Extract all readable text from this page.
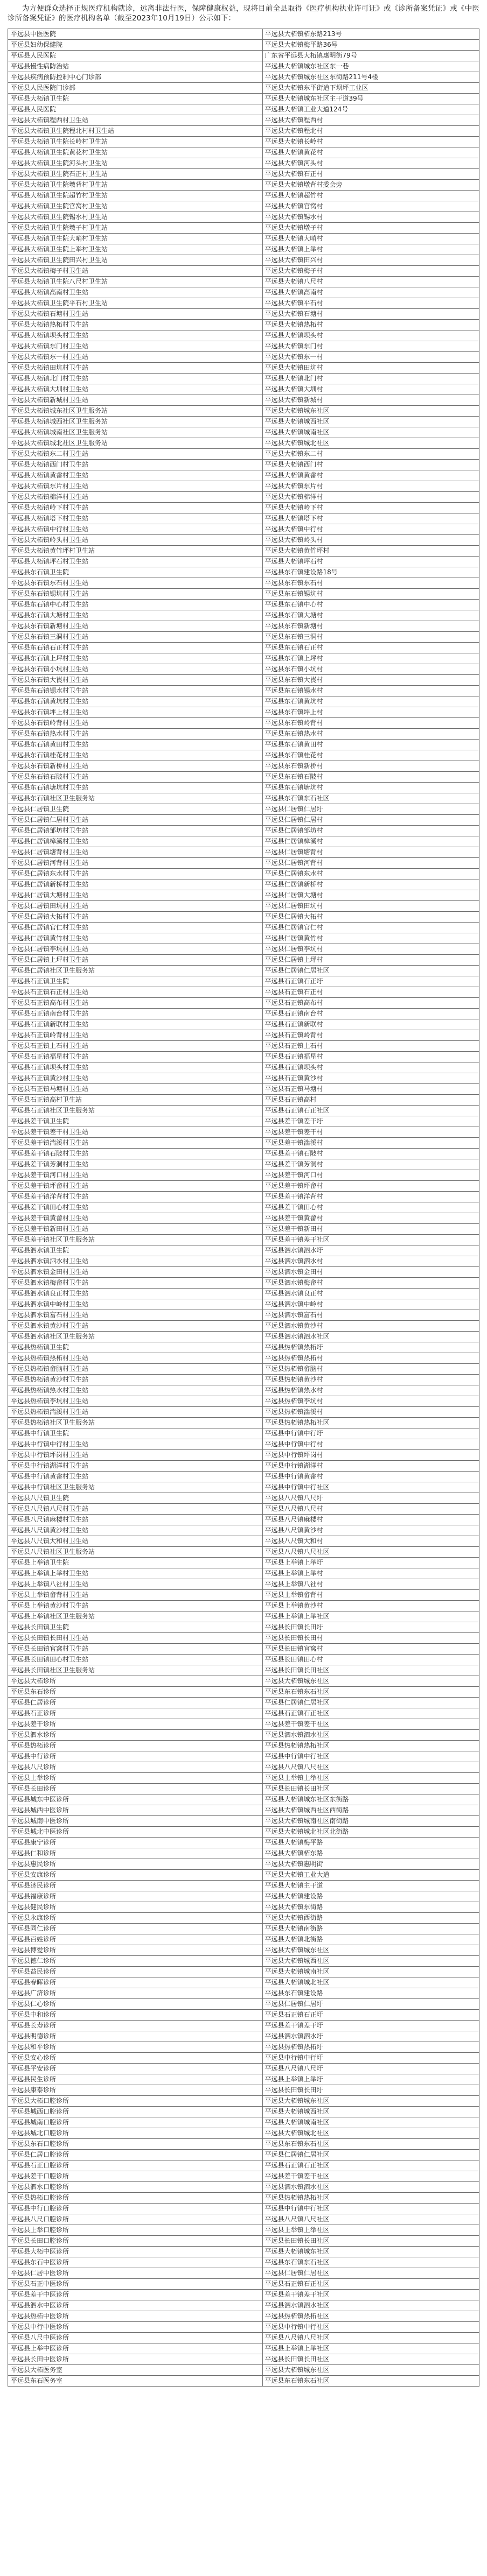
为方便群众选择正规医疗机构就诊，远离非法行医，保障健康权益，现将目前全县取得《医疗机构执业许可证》或《诊所备案凭证》或《中医诊所备案凭证》的医疗机构名单（截至2023年10月19日）公示如下：

平远县中医医院	平远县大柘镇柘东路213号
平远县妇幼保健院	平远县大柘镇梅平路36号
平远县人民医院	广东省平远县大柘镇惠明街79号
平远县慢性病防治站	平远县大柘镇城东社区东一巷
平远县疾病预防控制中心门诊部	平远县大柘镇城东社区东街路211号4楼
平远县人民医院门诊部	平远县大柘镇东平街道下坝坪工业区
平远县大柘镇卫生院	平远县大柘镇城东社区主干道39号
平远县人民医院	平远县大柘镇工业大道124号
平远县大柘镇程西村卫生站	平远县大柘镇程西村
平远县大柘镇卫生院程北村村卫生站	平远县大柘镇程北村
平远县大柘镇卫生院长岭村卫生站	平远县大柘镇长岭村
平远县大柘镇卫生院黄花村卫生站	平远县大柘镇黄花村
平远县大柘镇卫生院河头村卫生站	平远县大柘镇河头村
平远县大柘镇卫生院石正村卫生站	平远县大柘镇石正村
平远县大柘镇卫生院墩背村卫生站	平远县大柘镇墩背村委会旁
平远县大柘镇卫生院超竹村卫生站	平远县大柘镇超竹村
平远县大柘镇卫生院官窝村卫生站	平远县大柘镇官窝村
平远县大柘镇卫生院锡水村卫生站	平远县大柘镇锡水村
平远县大柘镇卫生院墩子村卫生站	平远县大柘镇墩子村
平远县大柘镇卫生院大哨村卫生站	平远县大柘镇大哨村
平远县大柘镇卫生院上举村卫生站	平远县大柘镇上举村
平远县大柘镇卫生院田兴村卫生站	平远县大柘镇田兴村
平远县大柘镇梅子村卫生站	平远县大柘镇梅子村
平远县大柘镇卫生院八尺村卫生站	平远县大柘镇八尺村
平远县大柘镇高南村卫生站	平远县大柘镇高南村
平远县大柘镇卫生院平石村卫生站	平远县大柘镇平石村
平远县大柘镇石塘村卫生站	平远县大柘镇石塘村
平远县大柘镇热柘村卫生站	平远县大柘镇热柘村
平远县大柘镇坝头村卫生站	平远县大柘镇坝头村
平远县大柘镇东门村卫生站	平远县大柘镇东门村
平远县大柘镇东一村卫生站	平远县大柘镇东一村
平远县大柘镇田坑村卫生站	平远县大柘镇田坑村
平远县大柘镇北门村卫生站	平远县大柘镇北门村
平远县大柘镇大圳村卫生站	平远县大柘镇大圳村
平远县大柘镇新城村卫生站	平远县大柘镇新城村
平远县大柘镇城东社区卫生服务站	平远县大柘镇城东社区
平远县大柘镇城西社区卫生服务站	平远县大柘镇城西社区
平远县大柘镇城南社区卫生服务站	平远县大柘镇城南社区
平远县大柘镇城北社区卫生服务站	平远县大柘镇城北社区
平远县大柘镇东二村卫生站	平远县大柘镇东二村
平远县大柘镇西门村卫生站	平远县大柘镇西门村
平远县大柘镇黄畲村卫生站	平远县大柘镇黄畲村
平远县大柘镇东片村卫生站	平远县大柘镇东片村
平远县大柘镇棉洋村卫生站	平远县大柘镇棉洋村
平远县大柘镇岭下村卫生站	平远县大柘镇岭下村
平远县大柘镇塔下村卫生站	平远县大柘镇塔下村
平远县大柘镇中行村卫生站	平远县大柘镇中行村
平远县大柘镇岭头村卫生站	平远县大柘镇岭头村
平远县大柘镇黄竹坪村卫生站	平远县大柘镇黄竹坪村
平远县大柘镇坪石村卫生站	平远县大柘镇坪石村
平远县东石镇卫生院	平远县东石镇建设路18号
平远县东石镇东石村卫生站	平远县东石镇东石村
平远县东石镇锡坑村卫生站	平远县东石镇锡坑村
平远县东石镇中心村卫生站	平远县东石镇中心村
平远县东石镇大塘村卫生站	平远县东石镇大塘村
平远县东石镇新塘村卫生站	平远县东石镇新塘村
平远县东石镇三洞村卫生站	平远县东石镇三洞村
平远县东石镇石正村卫生站	平远县东石镇石正村
平远县东石镇上坪村卫生站	平远县东石镇上坪村
平远县东石镇小坑村卫生站	平远县东石镇小坑村
平远县东石镇大崀村卫生站	平远县东石镇大崀村
平远县东石镇锡水村卫生站	平远县东石镇锡水村
平远县东石镇黄坑村卫生站	平远县东石镇黄坑村
平远县东石镇坪上村卫生站	平远县东石镇坪上村
平远县东石镇岭背村卫生站	平远县东石镇岭背村
平远县东石镇热水村卫生站	平远县东石镇热水村
平远县东石镇黄田村卫生站	平远县东石镇黄田村
平远县东石镇桂花村卫生站	平远县东石镇桂花村
平远县东石镇新桥村卫生站	平远县东石镇新桥村
平远县东石镇石陂村卫生站	平远县东石镇石陂村
平远县东石镇塘坑村卫生站	平远县东石镇塘坑村
平远县东石镇社区卫生服务站	平远县东石镇东石社区
平远县仁居镇卫生院	平远县仁居镇仁居圩
平远县仁居镇仁居村卫生站	平远县仁居镇仁居村
平远县仁居镇邹坊村卫生站	平远县仁居镇邹坊村
平远县仁居镇樟溪村卫生站	平远县仁居镇樟溪村
平远县仁居镇塘背村卫生站	平远县仁居镇塘背村
平远县仁居镇河背村卫生站	平远县仁居镇河背村
平远县仁居镇东水村卫生站	平远县仁居镇东水村
平远县仁居镇新桥村卫生站	平远县仁居镇新桥村
平远县仁居镇大塘村卫生站	平远县仁居镇大塘村
平远县仁居镇田坑村卫生站	平远县仁居镇田坑村
平远县仁居镇大拓村卫生站	平远县仁居镇大拓村
平远县仁居镇官仁村卫生站	平远县仁居镇官仁村
平远县仁居镇黄竹村卫生站	平远县仁居镇黄竹村
平远县仁居镇李坑村卫生站	平远县仁居镇李坑村
平远县仁居镇上坪村卫生站	平远县仁居镇上坪村
平远县仁居镇社区卫生服务站	平远县仁居镇仁居社区
平远县石正镇卫生院	平远县石正镇石正圩
平远县石正镇石正村卫生站	平远县石正镇石正村
平远县石正镇高布村卫生站	平远县石正镇高布村
平远县石正镇南台村卫生站	平远县石正镇南台村
平远县石正镇新联村卫生站	平远县石正镇新联村
平远县石正镇岭背村卫生站	平远县石正镇岭背村
平远县石正镇上石村卫生站	平远县石正镇上石村
平远县石正镇福星村卫生站	平远县石正镇福星村
平远县石正镇坝头村卫生站	平远县石正镇坝头村
平远县石正镇黄沙村卫生站	平远县石正镇黄沙村
平远县石正镇马塘村卫生站	平远县石正镇马塘村
平远县石正镇高村卫生站	平远县石正镇高村
平远县石正镇社区卫生服务站	平远县石正镇石正社区
平远县差干镇卫生院	平远县差干镇差干圩
平远县差干镇差干村卫生站	平远县差干镇差干村
平远县差干镇湍溪村卫生站	平远县差干镇湍溪村
平远县差干镇石陂村卫生站	平远县差干镇石陂村
平远县差干镇芳洞村卫生站	平远县差干镇芳洞村
平远县差干镇河口村卫生站	平远县差干镇河口村
平远县差干镇坪畲村卫生站	平远县差干镇坪畲村
平远县差干镇洋背村卫生站	平远县差干镇洋背村
平远县差干镇田心村卫生站	平远县差干镇田心村
平远县差干镇黄畲村卫生站	平远县差干镇黄畲村
平远县差干镇新田村卫生站	平远县差干镇新田村
平远县差干镇社区卫生服务站	平远县差干镇差干社区
平远县泗水镇卫生院	平远县泗水镇泗水圩
平远县泗水镇泗水村卫生站	平远县泗水镇泗水村
平远县泗水镇金田村卫生站	平远县泗水镇金田村
平远县泗水镇梅畲村卫生站	平远县泗水镇梅畲村
平远县泗水镇良正村卫生站	平远县泗水镇良正村
平远县泗水镇中岭村卫生站	平远县泗水镇中岭村
平远县泗水镇富石村卫生站	平远县泗水镇富石村
平远县泗水镇黄沙村卫生站	平远县泗水镇黄沙村
平远县泗水镇社区卫生服务站	平远县泗水镇泗水社区
平远县热柘镇卫生院	平远县热柘镇热柘圩
平远县热柘镇热柘村卫生站	平远县热柘镇热柘村
平远县热柘镇畲脑村卫生站	平远县热柘镇畲脑村
平远县热柘镇黄沙村卫生站	平远县热柘镇黄沙村
平远县热柘镇热水村卫生站	平远县热柘镇热水村
平远县热柘镇李坑村卫生站	平远县热柘镇李坑村
平远县热柘镇湍溪村卫生站	平远县热柘镇湍溪村
平远县热柘镇社区卫生服务站	平远县热柘镇热柘社区
平远县中行镇卫生院	平远县中行镇中行圩
平远县中行镇中行村卫生站	平远县中行镇中行村
平远县中行镇坪岗村卫生站	平远县中行镇坪岗村
平远县中行镇湖洋村卫生站	平远县中行镇湖洋村
平远县中行镇黄畲村卫生站	平远县中行镇黄畲村
平远县中行镇社区卫生服务站	平远县中行镇中行社区
平远县八尺镇卫生院	平远县八尺镇八尺圩
平远县八尺镇八尺村卫生站	平远县八尺镇八尺村
平远县八尺镇麻楼村卫生站	平远县八尺镇麻楼村
平远县八尺镇黄沙村卫生站	平远县八尺镇黄沙村
平远县八尺镇大和村卫生站	平远县八尺镇大和村
平远县八尺镇社区卫生服务站	平远县八尺镇八尺社区
平远县上举镇卫生院	平远县上举镇上举圩
平远县上举镇上举村卫生站	平远县上举镇上举村
平远县上举镇八社村卫生站	平远县上举镇八社村
平远县上举镇畲背村卫生站	平远县上举镇畲背村
平远县上举镇黄沙村卫生站	平远县上举镇黄沙村
平远县上举镇社区卫生服务站	平远县上举镇上举社区
平远县长田镇卫生院	平远县长田镇长田圩
平远县长田镇长田村卫生站	平远县长田镇长田村
平远县长田镇官窝村卫生站	平远县长田镇官窝村
平远县长田镇田心村卫生站	平远县长田镇田心村
平远县长田镇社区卫生服务站	平远县长田镇长田社区
平远县大柘诊所	平远县大柘镇城东社区
平远县东石诊所	平远县东石镇东石社区
平远县仁居诊所	平远县仁居镇仁居社区
平远县石正诊所	平远县石正镇石正社区
平远县差干诊所	平远县差干镇差干社区
平远县泗水诊所	平远县泗水镇泗水社区
平远县热柘诊所	平远县热柘镇热柘社区
平远县中行诊所	平远县中行镇中行社区
平远县八尺诊所	平远县八尺镇八尺社区
平远县上举诊所	平远县上举镇上举社区
平远县长田诊所	平远县长田镇长田社区
平远县城东中医诊所	平远县大柘镇城东社区东街路
平远县城西中医诊所	平远县大柘镇城西社区西街路
平远县城南中医诊所	平远县大柘镇城南社区南街路
平远县城北中医诊所	平远县大柘镇城北社区北街路
平远县康宁诊所	平远县大柘镇梅平路
平远县仁和诊所	平远县大柘镇柘东路
平远县惠民诊所	平远县大柘镇惠明街
平远县安康诊所	平远县大柘镇工业大道
平远县济民诊所	平远县大柘镇主干道
平远县福康诊所	平远县大柘镇建设路
平远县健民诊所	平远县大柘镇东街路
平远县永康诊所	平远县大柘镇西街路
平远县同仁诊所	平远县大柘镇南街路
平远县百姓诊所	平远县大柘镇北街路
平远县博爱诊所	平远县大柘镇城东社区
平远县德仁诊所	平远县大柘镇城西社区
平远县益民诊所	平远县大柘镇城南社区
平远县春晖诊所	平远县大柘镇城北社区
平远县广济诊所	平远县东石镇建设路
平远县仁心诊所	平远县仁居镇仁居圩
平远县中和诊所	平远县石正镇石正圩
平远县长寿诊所	平远县差干镇差干圩
平远县明德诊所	平远县泗水镇泗水圩
平远县和平诊所	平远县热柘镇热柘圩
平远县安心诊所	平远县中行镇中行圩
平远县平安诊所	平远县八尺镇八尺圩
平远县民生诊所	平远县上举镇上举圩
平远县康泰诊所	平远县长田镇长田圩
平远县大柘口腔诊所	平远县大柘镇城东社区
平远县城西口腔诊所	平远县大柘镇城西社区
平远县城南口腔诊所	平远县大柘镇城南社区
平远县城北口腔诊所	平远县大柘镇城北社区
平远县东石口腔诊所	平远县东石镇东石社区
平远县仁居口腔诊所	平远县仁居镇仁居社区
平远县石正口腔诊所	平远县石正镇石正社区
平远县差干口腔诊所	平远县差干镇差干社区
平远县泗水口腔诊所	平远县泗水镇泗水社区
平远县热柘口腔诊所	平远县热柘镇热柘社区
平远县中行口腔诊所	平远县中行镇中行社区
平远县八尺口腔诊所	平远县八尺镇八尺社区
平远县上举口腔诊所	平远县上举镇上举社区
平远县长田口腔诊所	平远县长田镇长田社区
平远县大柘中医诊所	平远县大柘镇城东社区
平远县东石中医诊所	平远县东石镇东石社区
平远县仁居中医诊所	平远县仁居镇仁居社区
平远县石正中医诊所	平远县石正镇石正社区
平远县差干中医诊所	平远县差干镇差干社区
平远县泗水中医诊所	平远县泗水镇泗水社区
平远县热柘中医诊所	平远县热柘镇热柘社区
平远县中行中医诊所	平远县中行镇中行社区
平远县八尺中医诊所	平远县八尺镇八尺社区
平远县上举中医诊所	平远县上举镇上举社区
平远县长田中医诊所	平远县长田镇长田社区
平远县大柘医务室	平远县大柘镇城东社区
平远县东石医务室	平远县东石镇东石社区
